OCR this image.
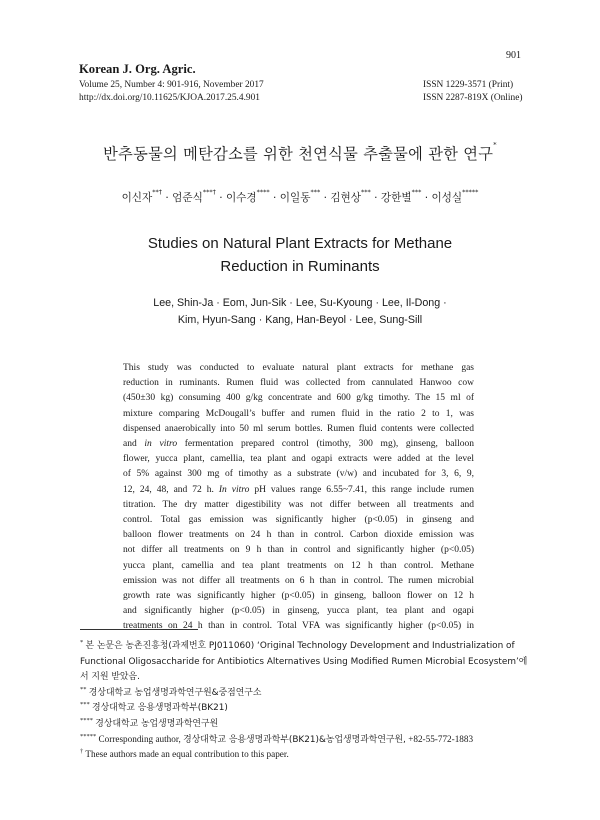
Korean J. Org. Agric.
Volume 25, Number 4: 901-916, November 2017
http://dx.doi.org/10.11625/KJOA.2017.25.4.901
901
ISSN 1229-3571 (Print)
ISSN 2287-819X (Online)
반추동물의 메탄감소를 위한 천연식물 추출물에 관한 연구*
이신자**† · 엄준식***† · 이수경**** · 이일동*** · 김현상*** · 강한별*** · 이성실*****
Studies on Natural Plant Extracts for Methane
Reduction in Ruminants
Lee, Shin-Ja · Eom, Jun-Sik · Lee, Su-Kyoung · Lee, Il-Dong ·
Kim, Hyun-Sang · Kang, Han-Beyol · Lee, Sung-Sill
This study was conducted to evaluate natural plant extracts for methane gas
reduction in ruminants. Rumen fluid was collected from cannulated Hanwoo cow
(450±30 kg) consuming 400 g/kg concentrate and 600 g/kg timothy. The 15 ml of
mixture comparing McDougall’s buffer and rumen fluid in the ratio 2 to 1, was
dispensed anaerobically into 50 ml serum bottles. Rumen fluid contents were collected
and in vitro fermentation prepared control (timothy, 300 mg), ginseng, balloon
flower, yucca plant, camellia, tea plant and ogapi extracts were added at the level
of 5% against 300 mg of timothy as a substrate (v/w) and incubated for 3, 6, 9,
12, 24, 48, and 72 h. In vitro pH values range 6.55~7.41, this range include rumen
titration. The dry matter digestibility was not differ between all treatments and
control. Total gas emission was significantly higher (p<0.05) in ginseng and
balloon flower treatments on 24 h than in control. Carbon dioxide emission was
not differ all treatments on 9 h than in control and significantly higher (p<0.05)
yucca plant, camellia and tea plant treatments on 12 h than control. Methane
emission was not differ all treatments on 6 h than in control. The rumen microbial
growth rate was significantly higher (p<0.05) in ginseng, balloon flower on 12 h
and significantly higher (p<0.05) in ginseng, yucca plant, tea plant and ogapi
treatments on 24 h than in control. Total VFA was significantly higher (p<0.05) in
* 본 논문은 농촌진흥청(과제번호 PJ011060) ‘Original Technology Development and Industrialization of
Functional Oligosaccharide for Antibiotics Alternatives Using Modified Rumen Microbial Ecosystem’에
서 지원 받았음.
** 경상대학교 농업생명과학연구원&중점연구소
*** 경상대학교 응용생명과학부(BK21)
**** 경상대학교 농업생명과학연구원
***** Corresponding author, 경상대학교 응용생명과학부(BK21)&농업생명과학연구원, +82-55-772-1883
† These authors made an equal contribution to this paper.
